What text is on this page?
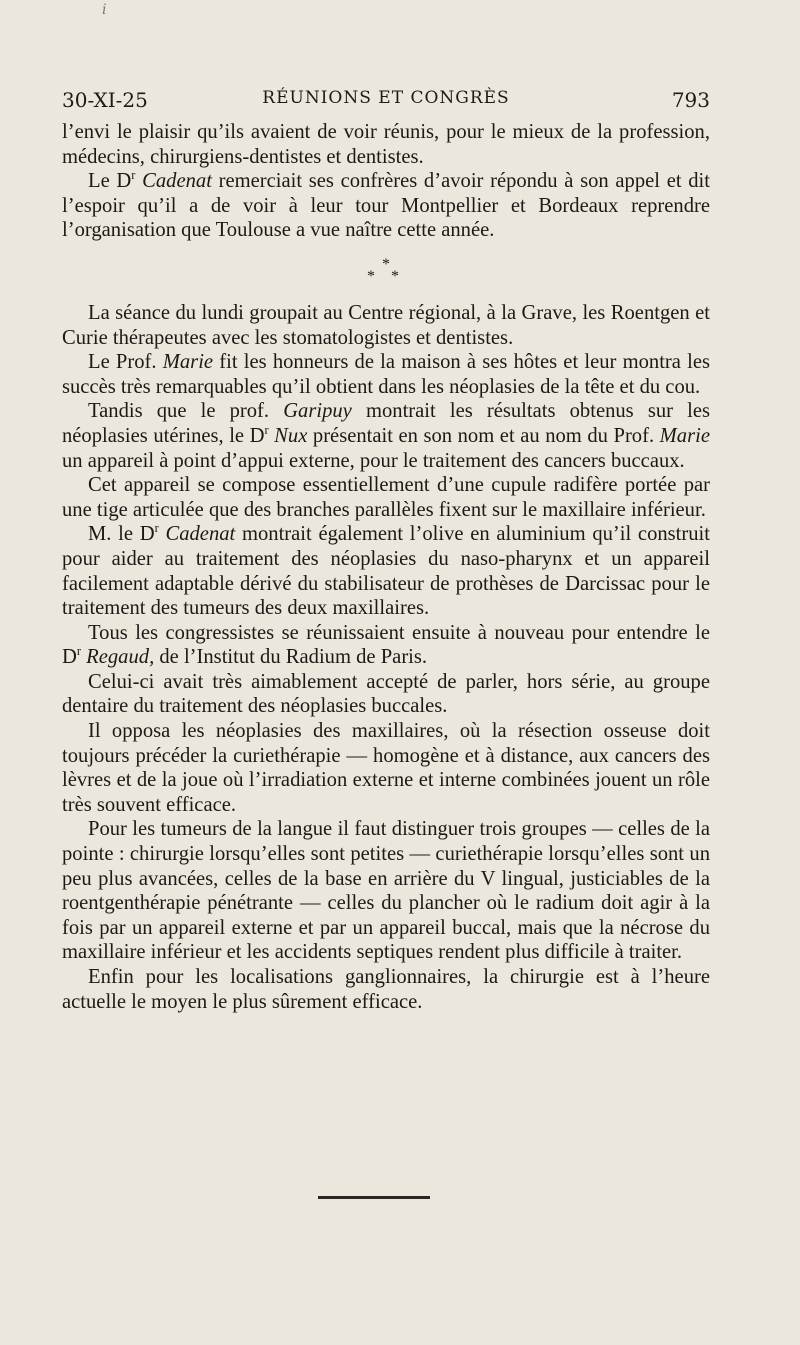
i
30-XI-25	RÉUNIONS ET CONGRÈS	793

l’envi le plaisir qu’ils avaient de voir réunis, pour le mieux de la profession, médecins, chirurgiens-dentistes et dentistes.

Le $D^r$ Cadenat remerciait ses confrères d’avoir répondu à son appel et dit l’espoir qu’il a de voir à leur tour Montpellier et Bordeaux reprendre l’organisation que Toulouse a vue naître cette année.

*
* *

La séance du lundi groupait au Centre régional, à la Grave, les Roentgen et Curie thérapeutes avec les stomatologistes et dentistes.

Le Prof. Marie fit les honneurs de la maison à ses hôtes et leur montra les succès très remarquables qu’il obtient dans les néoplasies de la tête et du cou.

Tandis que le prof. Garipuy montrait les résultats obtenus sur les néoplasies utérines, le $D^r$ Nux présentait en son nom et au nom du Prof. Marie un appareil à point d’appui externe, pour le traitement des cancers buccaux.

Cet appareil se compose essentiellement d’une cupule radifère portée par une tige articulée que des branches parallèles fixent sur le maxillaire inférieur.

M. le $D^r$ Cadenat montrait également l’olive en aluminium qu’il construit pour aider au traitement des néoplasies du naso-pharynx et un appareil facilement adaptable dérivé du stabilisateur de prothèses de Darcissac pour le traitement des tumeurs des deux maxillaires.

Tous les congressistes se réunissaient ensuite à nouveau pour entendre le $D^r$ Regaud, de l’Institut du Radium de Paris.

Celui-ci avait très aimablement accepté de parler, hors série, au groupe dentaire du traitement des néoplasies buccales.

Il opposa les néoplasies des maxillaires, où la résection osseuse doit toujours précéder la curiethérapie — homogène et à distance, aux cancers des lèvres et de la joue où l’irradiation externe et interne combinées jouent un rôle très souvent efficace.

Pour les tumeurs de la langue il faut distinguer trois groupes — celles de la pointe : chirurgie lorsqu’elles sont petites — curiethérapie lorsqu’elles sont un peu plus avancées, celles de la base en arrière du V lingual, justiciables de la roentgenthérapie pénétrante — celles du plancher où le radium doit agir à la fois par un appareil externe et par un appareil buccal, mais que la nécrose du maxillaire inférieur et les accidents septiques rendent plus difficile à traiter.

Enfin pour les localisations ganglionnaires, la chirurgie est à l’heure actuelle le moyen le plus sûrement efficace.
